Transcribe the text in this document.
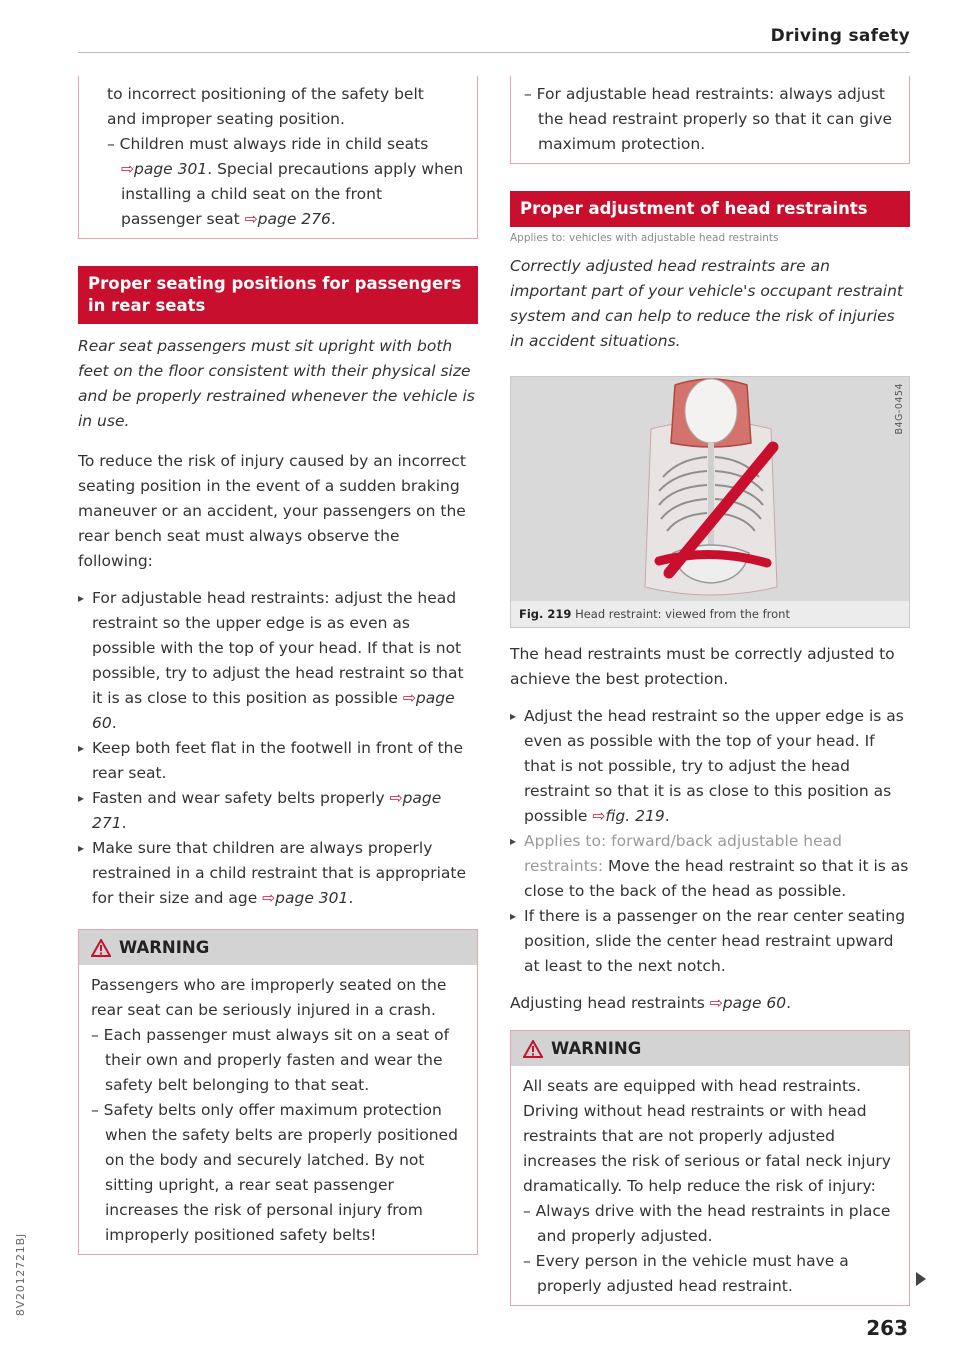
Driving safety
to incorrect positioning of the safety belt
and improper seating position.
– Children must always ride in child seats ⇨page 301. Special precautions apply when installing a child seat on the front passenger seat ⇨page 276.
Proper seating positions for passengers in rear seats
Rear seat passengers must sit upright with both feet on the floor consistent with their physical size and be properly restrained whenever the vehicle is in use.
To reduce the risk of injury caused by an incorrect seating position in the event of a sudden braking maneuver or an accident, your passengers on the rear bench seat must always observe the following:
▸ For adjustable head restraints: adjust the head restraint so the upper edge is as even as possible with the top of your head. If that is not possible, try to adjust the head restraint so that it is as close to this position as possible ⇨page 60.
▸ Keep both feet flat in the footwell in front of the rear seat.
▸ Fasten and wear safety belts properly ⇨page 271.
▸ Make sure that children are always properly restrained in a child restraint that is appropriate for their size and age ⇨page 301.
WARNING
Passengers who are improperly seated on the rear seat can be seriously injured in a crash.
– Each passenger must always sit on a seat of their own and properly fasten and wear the safety belt belonging to that seat.
– Safety belts only offer maximum protection when the safety belts are properly positioned on the body and securely latched. By not sitting upright, a rear seat passenger increases the risk of personal injury from improperly positioned safety belts!
– For adjustable head restraints: always adjust the head restraint properly so that it can give maximum protection.
Proper adjustment of head restraints
Applies to: vehicles with adjustable head restraints
Correctly adjusted head restraints are an important part of your vehicle's occupant restraint system and can help to reduce the risk of injuries in accident situations.
B4G-0454
Fig. 219 Head restraint: viewed from the front
The head restraints must be correctly adjusted to achieve the best protection.
▸ Adjust the head restraint so the upper edge is as even as possible with the top of your head. If that is not possible, try to adjust the head restraint so that it is as close to this position as possible ⇨fig. 219.
▸ Applies to: forward/back adjustable head restraints: Move the head restraint so that it is as close to the back of the head as possible.
▸ If there is a passenger on the rear center seating position, slide the center head restraint upward at least to the next notch.
Adjusting head restraints ⇨page 60.
WARNING
All seats are equipped with head restraints. Driving without head restraints or with head restraints that are not properly adjusted increases the risk of serious or fatal neck injury dramatically. To help reduce the risk of injury:
– Always drive with the head restraints in place and properly adjusted.
– Every person in the vehicle must have a properly adjusted head restraint.
8V2012721BJ
263
